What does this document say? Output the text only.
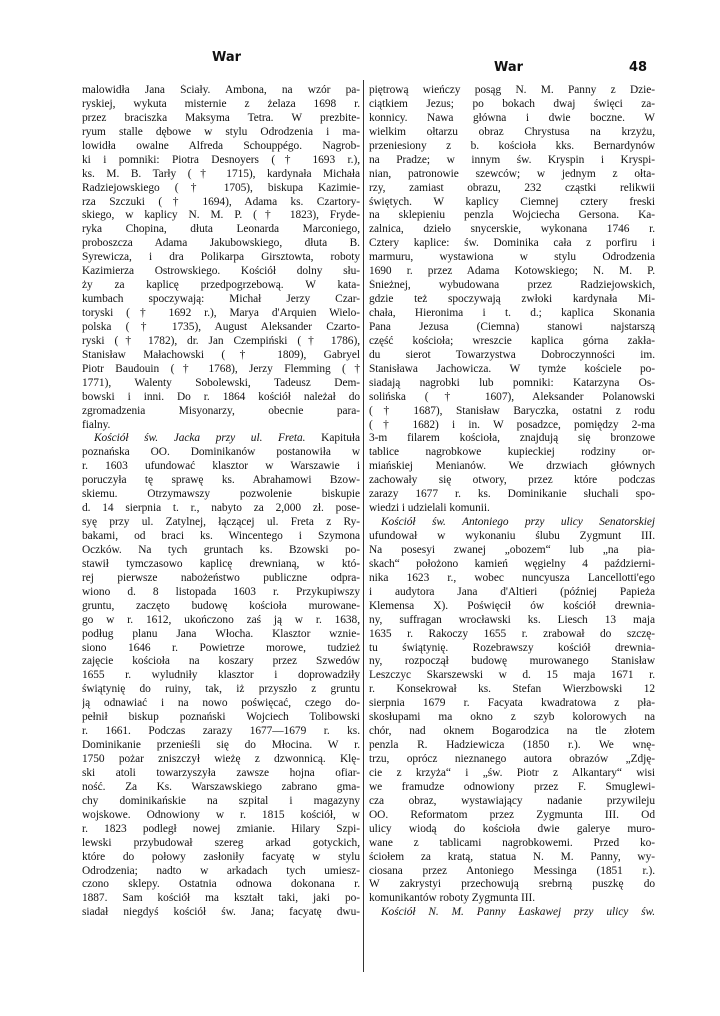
War
War	48
malowidła Jana Ściały. Ambona, na wzór pa-
ryskiej, wykuta misternie z żelaza 1698 r.
przez braciszka Maksyma Tetra. W prezbite-
ryum stalle dębowe w stylu Odrodzenia i ma-
lowidła owalne Alfreda Schouppégo. Nagrob-
ki i pomniki: Piotra Desnoyers († 1693 r.),
ks. M. B. Tarły († 1715), kardynała Michała
Radziejowskiego († 1705), biskupa Kazimie-
rza Szczuki († 1694), Adama ks. Czartory-
skiego, w kaplicy N. M. P. († 1823), Fryde-
ryka Chopina, dłuta Leonarda Marconiego,
proboszcza Adama Jakubowskiego, dłuta B.
Syrewicza, i dra Polikarpa Girsztowta, roboty
Kazimierza Ostrowskiego. Kościół dolny słu-
ży za kaplicę przedpogrzebową. W kata-
kumbach spoczywają: Michał Jerzy Czar-
toryski († 1692 r.), Marya d'Arquien Wielo-
polska († 1735), August Aleksander Czarto-
ryski († 1782), dr. Jan Czempiński († 1786),
Stanisław Małachowski († 1809), Gabryel
Piotr Baudouin († 1768), Jerzy Flemming (†
1771), Walenty Sobolewski, Tadeusz Dem-
bowski i inni. Do r. 1864 kościół należał do
zgromadzenia Misyonarzy, obecnie para-
fialny.
Kościół św. Jacka przy ul. Freta. Kapituła
poznańska OO. Dominikanów postanowiła w
r. 1603 ufundować klasztor w Warszawie i
poruczyła tę sprawę ks. Abrahamowi Bzow-
skiemu. Otrzymawszy pozwolenie biskupie
d. 14 sierpnia t. r., nabyto za 2,000 zł. pose-
syę przy ul. Zatylnej, łączącej ul. Freta z Ry-
bakami, od braci ks. Wincentego i Szymona
Oczków. Na tych gruntach ks. Bzowski po-
stawił tymczasowo kaplicę drewnianą, w któ-
rej pierwsze nabożeństwo publiczne odpra-
wiono d. 8 listopada 1603 r. Przykupiwszy
gruntu, zaczęto budowę kościoła murowane-
go w r. 1612, ukończono zaś ją w r. 1638,
podług planu Jana Włocha. Klasztor wznie-
siono 1646 r. Powietrze morowe, tudzież
zajęcie kościoła na koszary przez Szwedów
1655 r. wyludniły klasztor i doprowadziły
świątynię do ruiny, tak, iż przyszło z gruntu
ją odnawiać i na nowo poświęcać, czego do-
pełnił biskup poznański Wojciech Tolibowski
r. 1661. Podczas zarazy 1677—1679 r. ks.
Dominikanie przenieśli się do Młocina. W r.
1750 pożar zniszczył wieżę z dzwonnicą. Klę-
ski atoli towarzyszyła zawsze hojna ofiar-
ność. Za Ks. Warszawskiego zabrano gma-
chy dominikańskie na szpital i magazyny
wojskowe. Odnowiony w r. 1815 kościół, w
r. 1823 podległ nowej zmianie. Hilary Szpi-
lewski przybudował szereg arkad gotyckich,
które do połowy zasłoniły facyatę w stylu
Odrodzenia; nadto w arkadach tych umiesz-
czono sklepy. Ostatnia odnowa dokonana r.
1887. Sam kościół ma kształt taki, jaki po-
siadał niegdyś kościół św. Jana; facyatę dwu-
piętrową wieńczy posąg N. M. Panny z Dzie-
ciątkiem Jezus; po bokach dwaj święci za-
konnicy. Nawa główna i dwie boczne. W
wielkim ołtarzu obraz Chrystusa na krzyżu,
przeniesiony z b. kościoła kks. Bernardynów
na Pradze; w innym św. Kryspin i Kryspi-
nian, patronowie szewców; w jednym z ołta-
rzy, zamiast obrazu, 232 cząstki relikwii
świętych. W kaplicy Ciemnej cztery freski
na sklepieniu penzla Wojciecha Gersona. Ka-
zalnica, dzieło snycerskie, wykonana 1746 r.
Cztery kaplice: św. Dominika cała z porfiru i
marmuru, wystawiona w stylu Odrodzenia
1690 r. przez Adama Kotowskiego; N. M. P.
Śnieżnej, wybudowana przez Radziejowskich,
gdzie też spoczywają zwłoki kardynała Mi-
chała, Hieronima i t. d.; kaplica Skonania
Pana Jezusa (Ciemna) stanowi najstarszą
część kościoła; wreszcie kaplica górna zakła-
du sierot Towarzystwa Dobroczynności im.
Stanisława Jachowicza. W tymże kościele po-
siadają nagrobki lub pomniki: Katarzyna Os-
solińska († 1607), Aleksander Polanowski
(† 1687), Stanisław Baryczka, ostatni z rodu
(† 1682) i in. W posadzce, pomiędzy 2-ma
3-m filarem kościoła, znajdują się bronzowe
tablice nagrobkowe kupieckiej rodziny or-
miańskiej Menianów. We drzwiach głównych
zachowały się otwory, przez które podczas
zarazy 1677 r. ks. Dominikanie słuchali spo-
wiedzi i udzielali komunii.
Kościół św. Antoniego przy ulicy Senatorskiej
ufundował w wykonaniu ślubu Zygmunt III.
Na posesyi zwanej „obozem“ lub „na pia-
skach“ położono kamień węgielny 4 październi-
nika 1623 r., wobec nuncyusza Lancellotti'ego
i audytora Jana d'Altieri (później Papieża
Klemensa X). Poświęcił ów kościół drewnia-
ny, suffragan wrocławski ks. Liesch 13 maja
1635 r. Rakoczy 1655 r. zrabował do szczę-
tu świątynię. Rozebrawszy kościół drewnia-
ny, rozpoczął budowę murowanego Stanisław
Leszczyc Skarszewski w d. 15 maja 1671 r.
r. Konsekrował ks. Stefan Wierzbowski 12
sierpnia 1679 r. Facyata kwadratowa z pła-
skosłupami ma okno z szyb kolorowych na
chór, nad oknem Bogarodzica na tle złotem
penzla R. Hadziewicza (1850 r.). We wnę-
trzu, oprócz nieznanego autora obrazów „Zdję-
cie z krzyża“ i „św. Piotr z Alkantary“ wisi
we framudze odnowiony przez F. Smuglewi-
cza obraz, wystawiający nadanie przywileju
OO. Reformatom przez Zygmunta III. Od
ulicy wiodą do kościoła dwie galerye muro-
wane z tablicami nagrobkowemi. Przed ko-
ściołem za kratą, statua N. M. Panny, wy-
ciosana przez Antoniego Messinga (1851 r.).
W zakrystyi przechowują srebrną puszkę do
komunikantów roboty Zygmunta III.
Kościół N. M. Panny Łaskawej przy ulicy św.
